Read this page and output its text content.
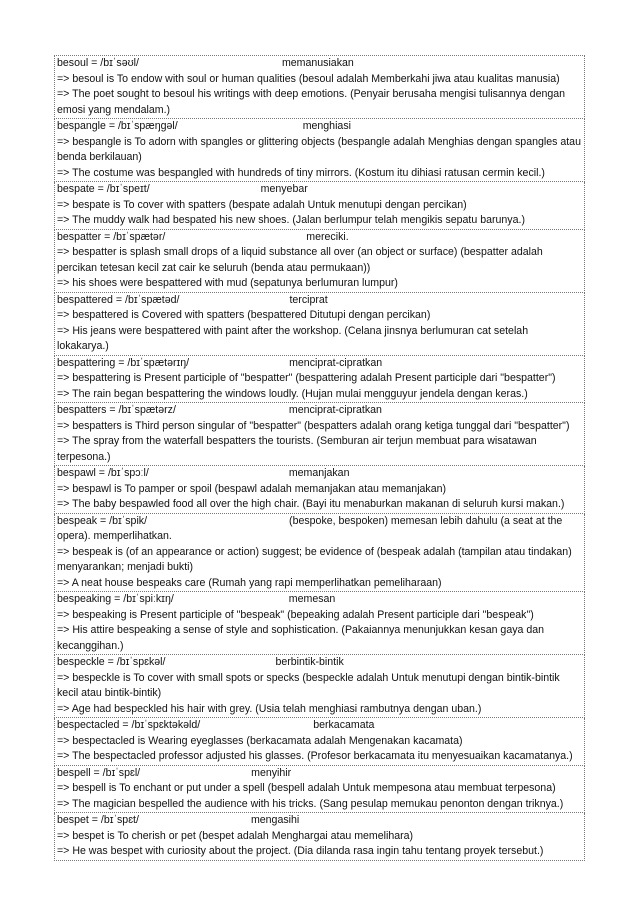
besoul = /bɪˈsəʊl/	memanusiakan
=> besoul is To endow with soul or human qualities (besoul adalah Memberkahi jiwa atau kualitas manusia)
=> The poet sought to besoul his writings with deep emotions. (Penyair berusaha mengisi tulisannya dengan emosi yang mendalam.)
bespangle = /bɪˈspæŋɡəl/	menghiasi
=> bespangle is To adorn with spangles or glittering objects (bespangle adalah Menghias dengan spangles atau benda berkilauan)
=> The costume was bespangled with hundreds of tiny mirrors. (Kostum itu dihiasi ratusan cermin kecil.)
bespate = /bɪˈspeɪt/	menyebar
=> bespate is To cover with spatters (bespate adalah Untuk menutupi dengan percikan)
=> The muddy walk had bespated his new shoes. (Jalan berlumpur telah mengikis sepatu barunya.)
bespatter = /bɪˈspætər/	mereciki.
=> bespatter is splash small drops of a liquid substance all over (an object or surface) (bespatter adalah percikan tetesan kecil zat cair ke seluruh (benda atau permukaan))
=> his shoes were bespattered with mud (sepatunya berlumuran lumpur)
bespattered = /bɪˈspætəd/	terciprat
=> bespattered is Covered with spatters (bespattered Ditutupi dengan percikan)
=> His jeans were bespattered with paint after the workshop. (Celana jinsnya berlumuran cat setelah lokakarya.)
bespattering = /bɪˈspætərɪŋ/	menciprat-cipratkan
=> bespattering is Present participle of "bespatter" (bespattering adalah Present participle dari "bespatter")
=> The rain began bespattering the windows loudly. (Hujan mulai mengguyur jendela dengan keras.)
bespatters = /bɪˈspætərz/	menciprat-cipratkan
=> bespatters is Third person singular of "bespatter" (bespatters adalah orang ketiga tunggal dari "bespatter")
=> The spray from the waterfall bespatters the tourists. (Semburan air terjun membuat para wisatawan terpesona.)
bespawl = /bɪˈspɔːl/	memanjakan
=> bespawl is To pamper or spoil (bespawl adalah memanjakan atau memanjakan)
=> The baby bespawled food all over the high chair. (Bayi itu menaburkan makanan di seluruh kursi makan.)
bespeak = /bɪˈspik/	(bespoke, bespoken) memesan lebih dahulu (a seat at the opera). memperlihatkan.
=> bespeak is (of an appearance or action) suggest; be evidence of (bespeak adalah (tampilan atau tindakan) menyarankan; menjadi bukti)
=> A neat house bespeaks care (Rumah yang rapi memperlihatkan pemeliharaan)
bespeaking = /bɪˈspiːkɪŋ/	memesan
=> bespeaking is Present participle of "bespeak" (bepeaking adalah Present participle dari "bespeak")
=> His attire bespeaking a sense of style and sophistication. (Pakaiannya menunjukkan kesan gaya dan kecanggihan.)
bespeckle = /bɪˈspɛkəl/	berbintik-bintik
=> bespeckle is To cover with small spots or specks (bespeckle adalah Untuk menutupi dengan bintik-bintik kecil atau bintik-bintik)
=> Age had bespeckled his hair with grey. (Usia telah menghiasi rambutnya dengan uban.)
bespectacled = /bɪˈspɛktəkəld/	berkacamata
=> bespectacled is Wearing eyeglasses (berkacamata adalah Mengenakan kacamata)
=> The bespectacled professor adjusted his glasses. (Profesor berkacamata itu menyesuaikan kacamatanya.)
bespell = /bɪˈspɛl/	menyihir
=> bespell is To enchant or put under a spell (bespell adalah Untuk mempesona atau membuat terpesona)
=> The magician bespelled the audience with his tricks. (Sang pesulap memukau penonton dengan triknya.)
bespet = /bɪˈspɛt/	mengasihi
=> bespet is To cherish or pet (bespet adalah Menghargai atau memelihara)
=> He was bespet with curiosity about the project. (Dia dilanda rasa ingin tahu tentang proyek tersebut.)
